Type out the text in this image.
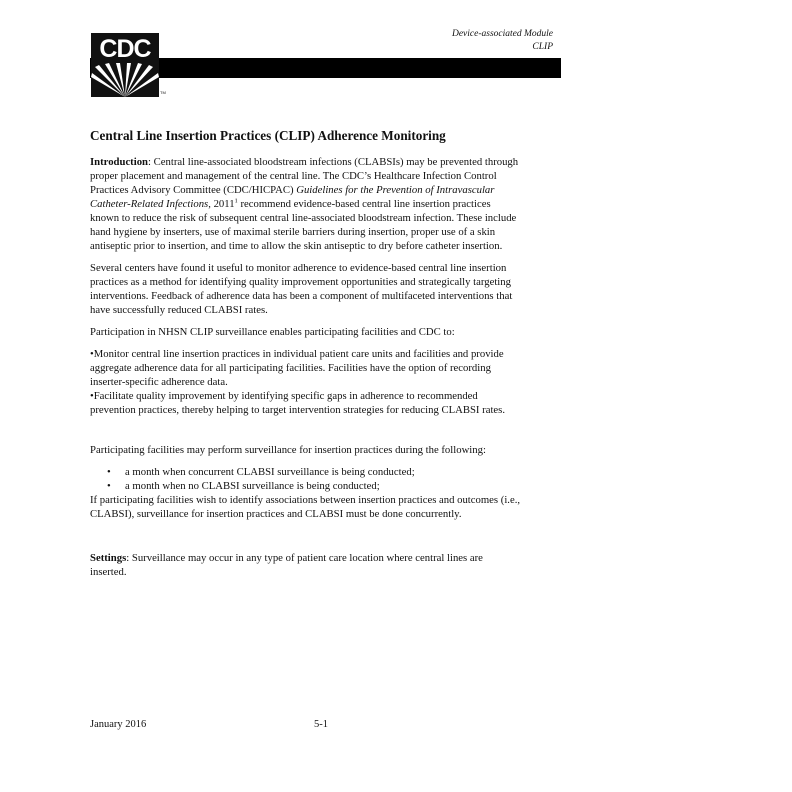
Device-associated Module
CLIP
CDC
TM
Central Line Insertion Practices (CLIP) Adherence Monitoring

Introduction: Central line-associated bloodstream infections (CLABSIs) may be prevented through proper placement and management of the central line. The CDC’s Healthcare Infection Control Practices Advisory Committee (CDC/HICPAC) Guidelines for the Prevention of Intravascular Catheter-Related Infections, 2011$^1$ recommend evidence-based central line insertion practices known to reduce the risk of subsequent central line-associated bloodstream infection. These include hand hygiene by inserters, use of maximal sterile barriers during insertion, proper use of a skin antiseptic prior to insertion, and time to allow the skin antiseptic to dry before catheter insertion.

Several centers have found it useful to monitor adherence to evidence-based central line insertion practices as a method for identifying quality improvement opportunities and strategically targeting interventions. Feedback of adherence data has been a component of multifaceted interventions that have successfully reduced CLABSI rates.

Participation in NHSN CLIP surveillance enables participating facilities and CDC to:

•Monitor central line insertion practices in individual patient care units and facilities and provide aggregate adherence data for all participating facilities. Facilities have the option of recording inserter-specific adherence data.
•Facilitate quality improvement by identifying specific gaps in adherence to recommended prevention practices, thereby helping to target intervention strategies for reducing CLABSI rates.

Participating facilities may perform surveillance for insertion practices during the following:

• a month when concurrent CLABSI surveillance is being conducted;
• a month when no CLABSI surveillance is being conducted;
If participating facilities wish to identify associations between insertion practices and outcomes (i.e., CLABSI), surveillance for insertion practices and CLABSI must be done concurrently.

Settings: Surveillance may occur in any type of patient care location where central lines are inserted.

January 2016	5-1
